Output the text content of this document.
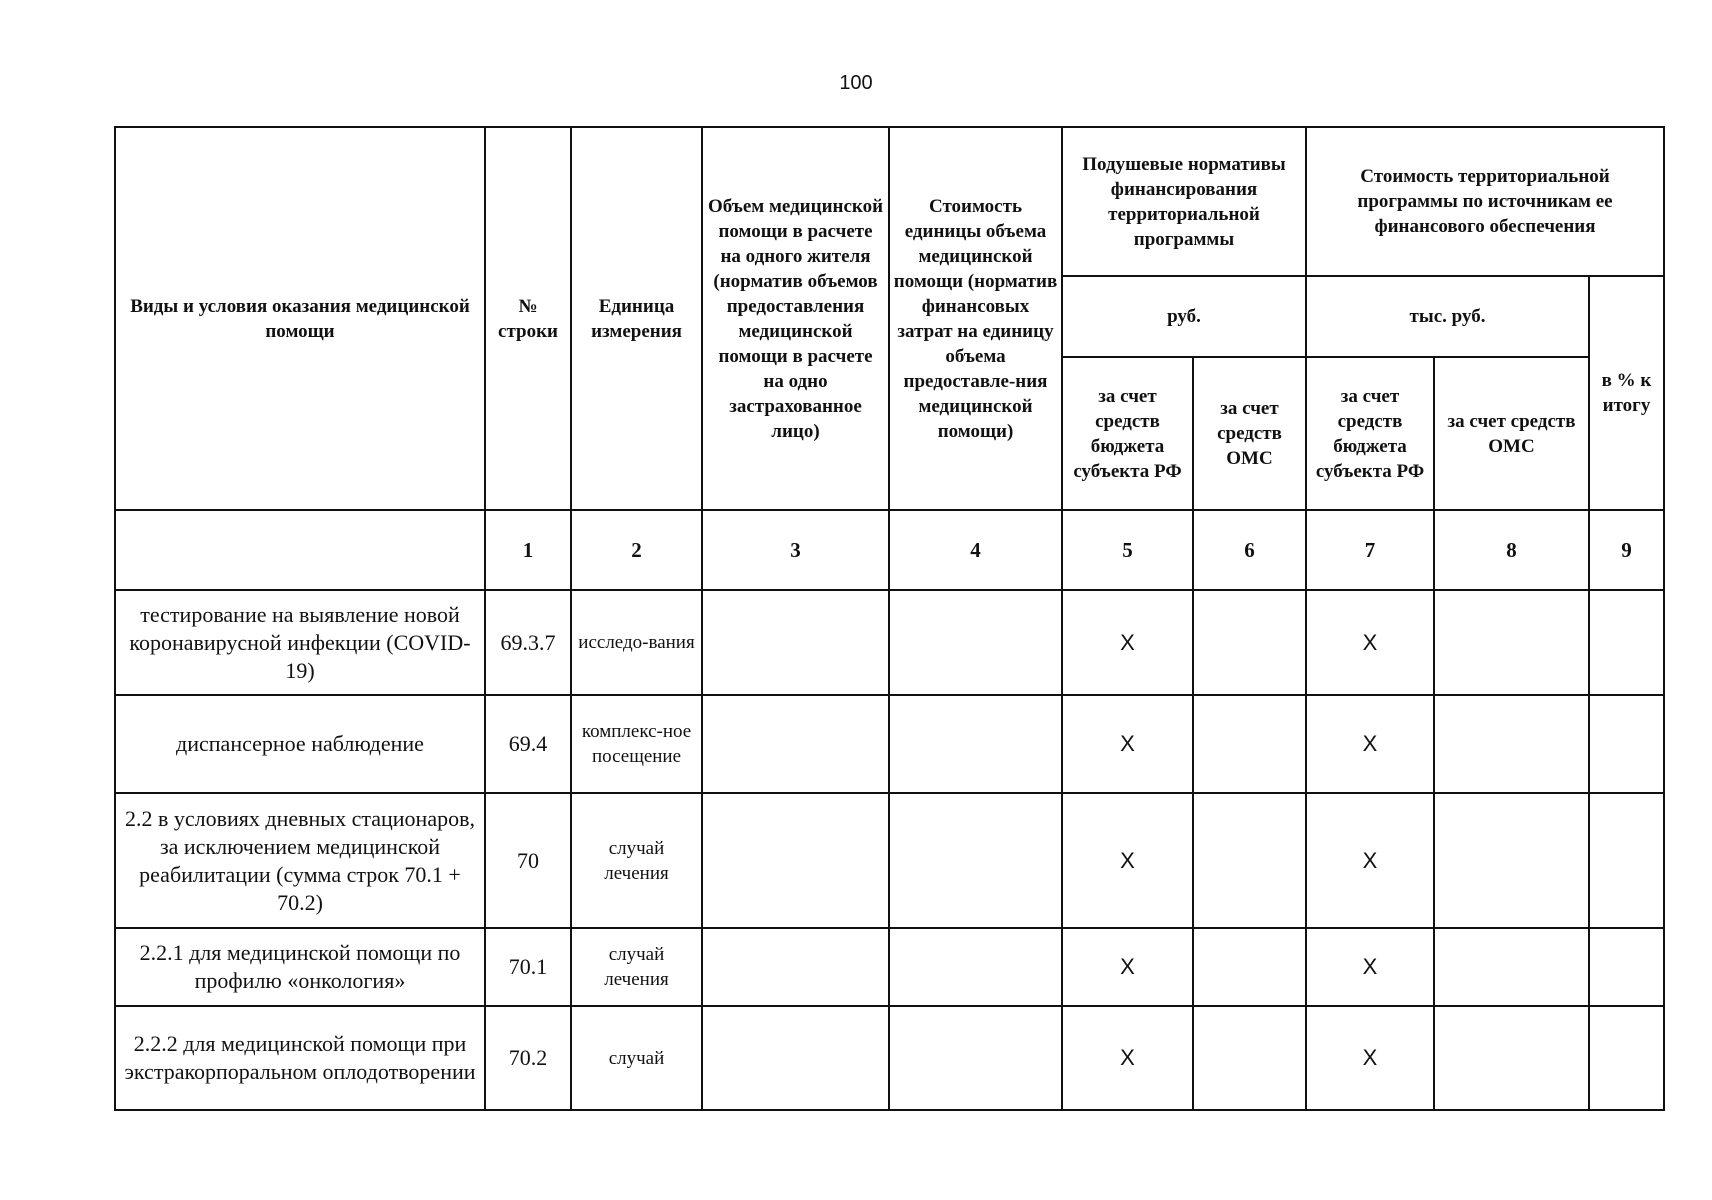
100
Виды и условия оказания медицинской помощи	№ строки	Единица измерения	Объем медицинской помощи в расчете на одного жителя (норматив объемов предоставления медицинской помощи в расчете на одно застрахованное лицо)	Стоимость единицы объема медицинской помощи (норматив финансовых затрат на единицу объема предоставле-ния медицинской помощи)	Подушевые нормативы финансирования территориальной программы		Стоимость территориальной программы по источникам ее финансового обеспечения		
					руб.		тыс. руб.		в % к итогу
					за счет средств бюджета субъекта РФ	за счет средств ОМС	за счет средств бюджета субъекта РФ	за счет средств ОМС	
	1	2	3	4	5	6	7	8	9
тестирование на выявление новой коронавирусной инфекции (COVID-19)	69.3.7	исследо-вания			X		X		
диспансерное наблюдение	69.4	комплекс-ное посещение			X		X		
2.2 в условиях дневных стационаров, за исключением медицинской реабилитации (сумма строк 70.1 + 70.2)	70	случай лечения			X		X		
2.2.1 для медицинской помощи по профилю «онкология»	70.1	случай лечения			X		X		
2.2.2 для медицинской помощи при экстракорпоральном оплодотворении	70.2	случай			X		X		
